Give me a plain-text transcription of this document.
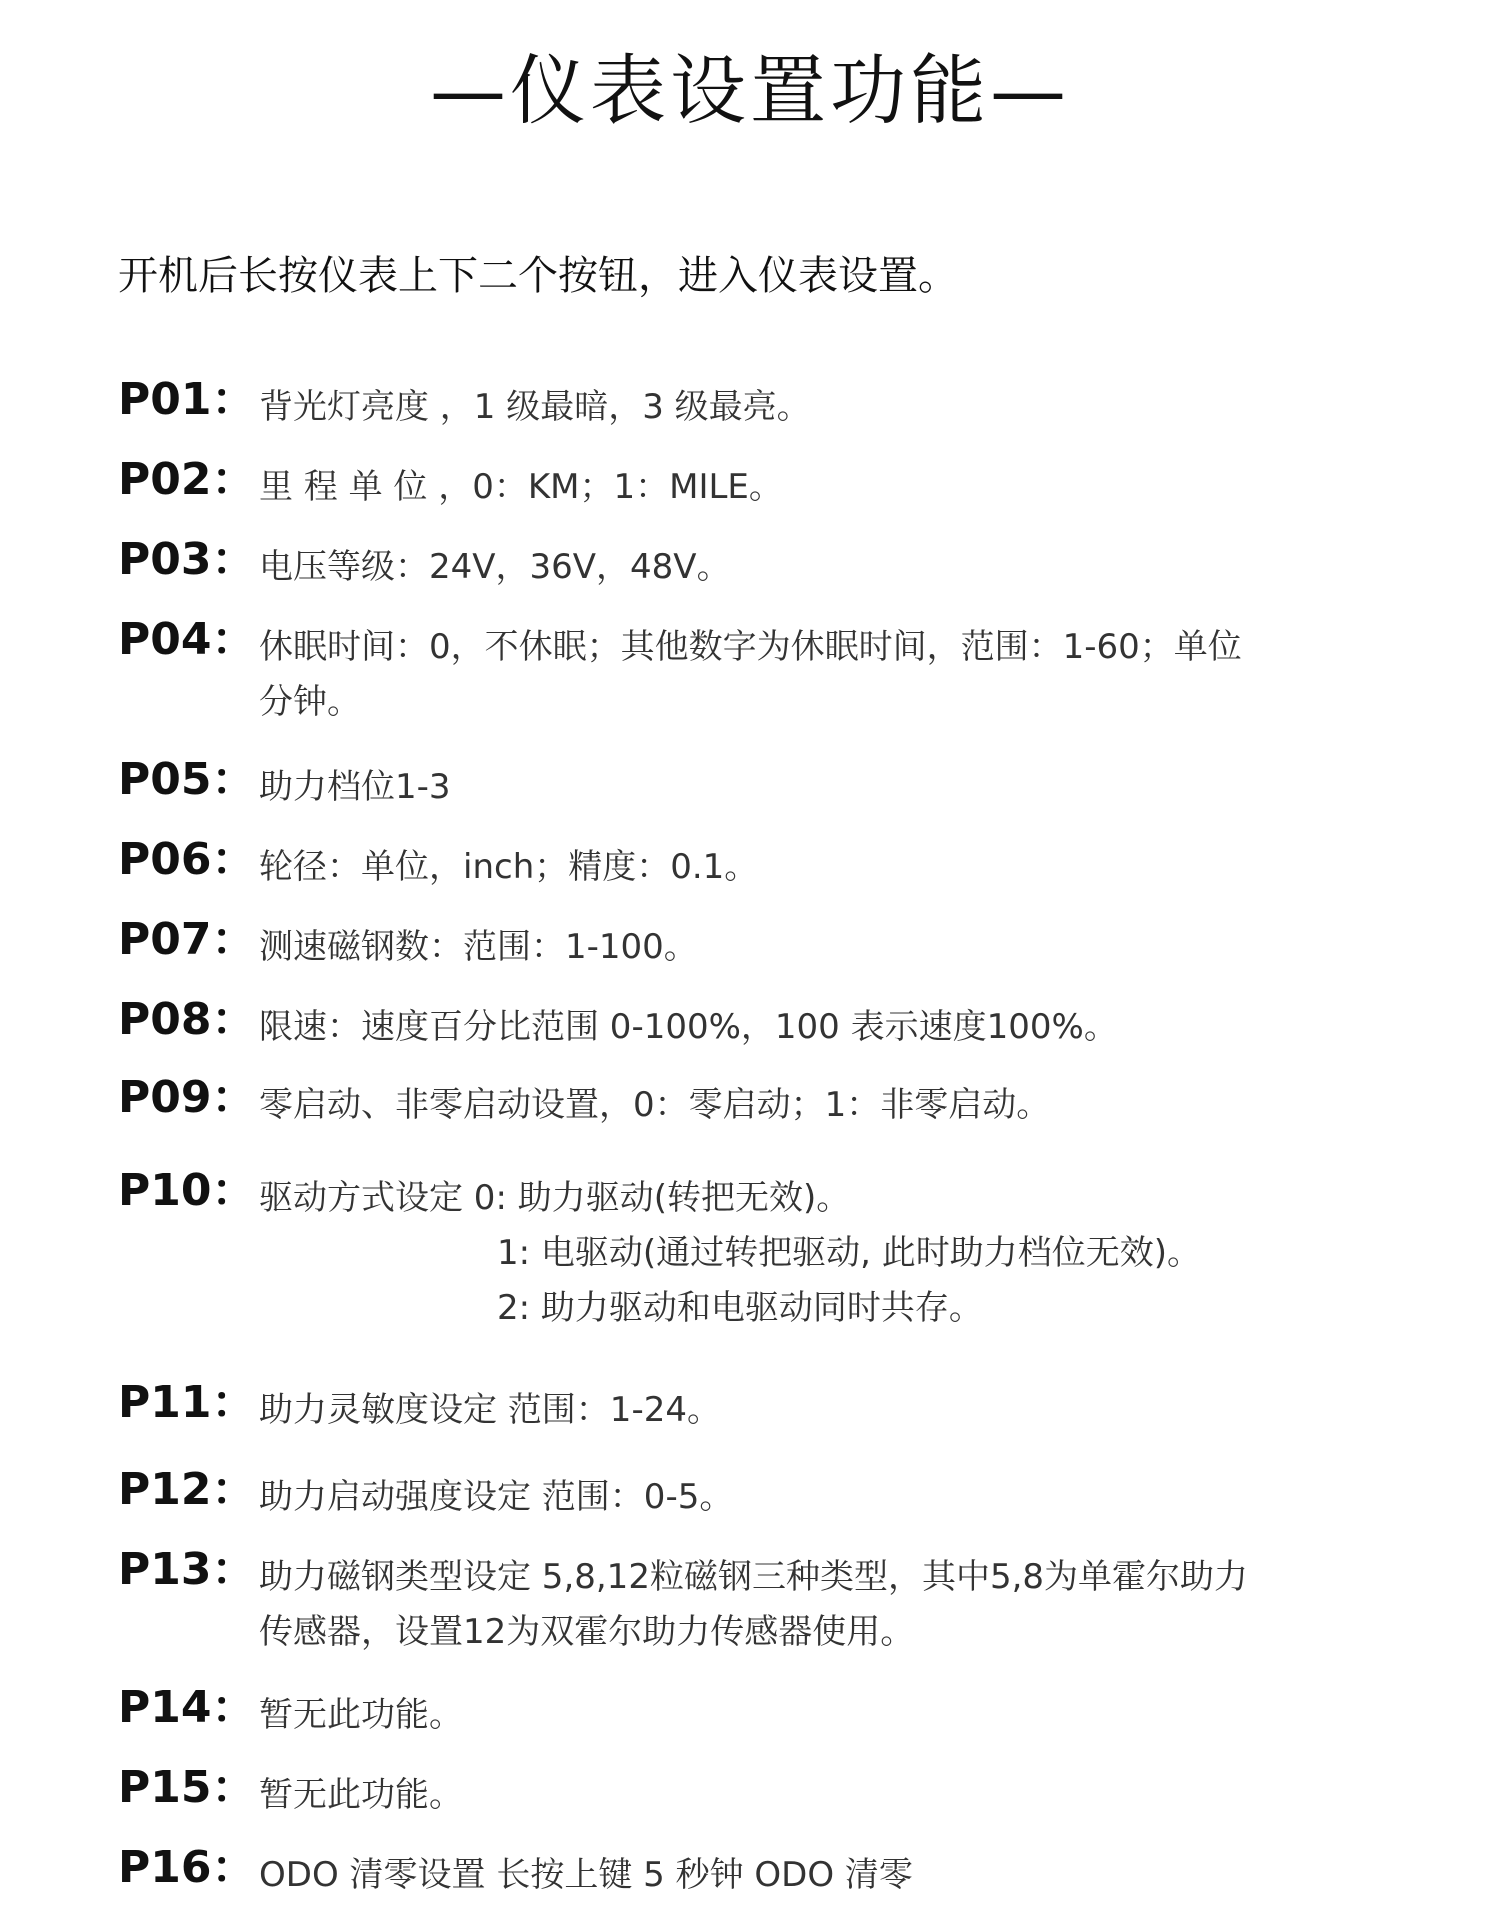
—仪表设置功能—
开机后长按仪表上下二个按钮，进入仪表设置。
P01： 背光灯亮度 ，1 级最暗，3 级最亮。
P02： 里 程 单 位 ，0：KM；1：MILE。
P03： 电压等级：24V，36V，48V。
P04： 休眠时间：0，不休眠；其他数字为休眠时间，范围：1-60；单位
分钟。
P05： 助力档位1-3
P06： 轮径：单位，inch；精度：0.1。
P07： 测速磁钢数：范围：1-100。
P08： 限速：速度百分比范围 0-100%，100 表示速度100%。
P09： 零启动、非零启动设置，0：零启动；1：非零启动。
P10： 驱动方式设定 0: 助力驱动(转把无效)。
1: 电驱动(通过转把驱动, 此时助力档位无效)。
2: 助力驱动和电驱动同时共存。
P11： 助力灵敏度设定 范围：1-24。
P12： 助力启动强度设定 范围：0-5。
P13： 助力磁钢类型设定 5,8,12粒磁钢三种类型，其中5,8为单霍尔助力
传感器，设置12为双霍尔助力传感器使用。
P14： 暂无此功能。
P15： 暂无此功能。
P16： ODO 清零设置 长按上键 5 秒钟 ODO 清零
